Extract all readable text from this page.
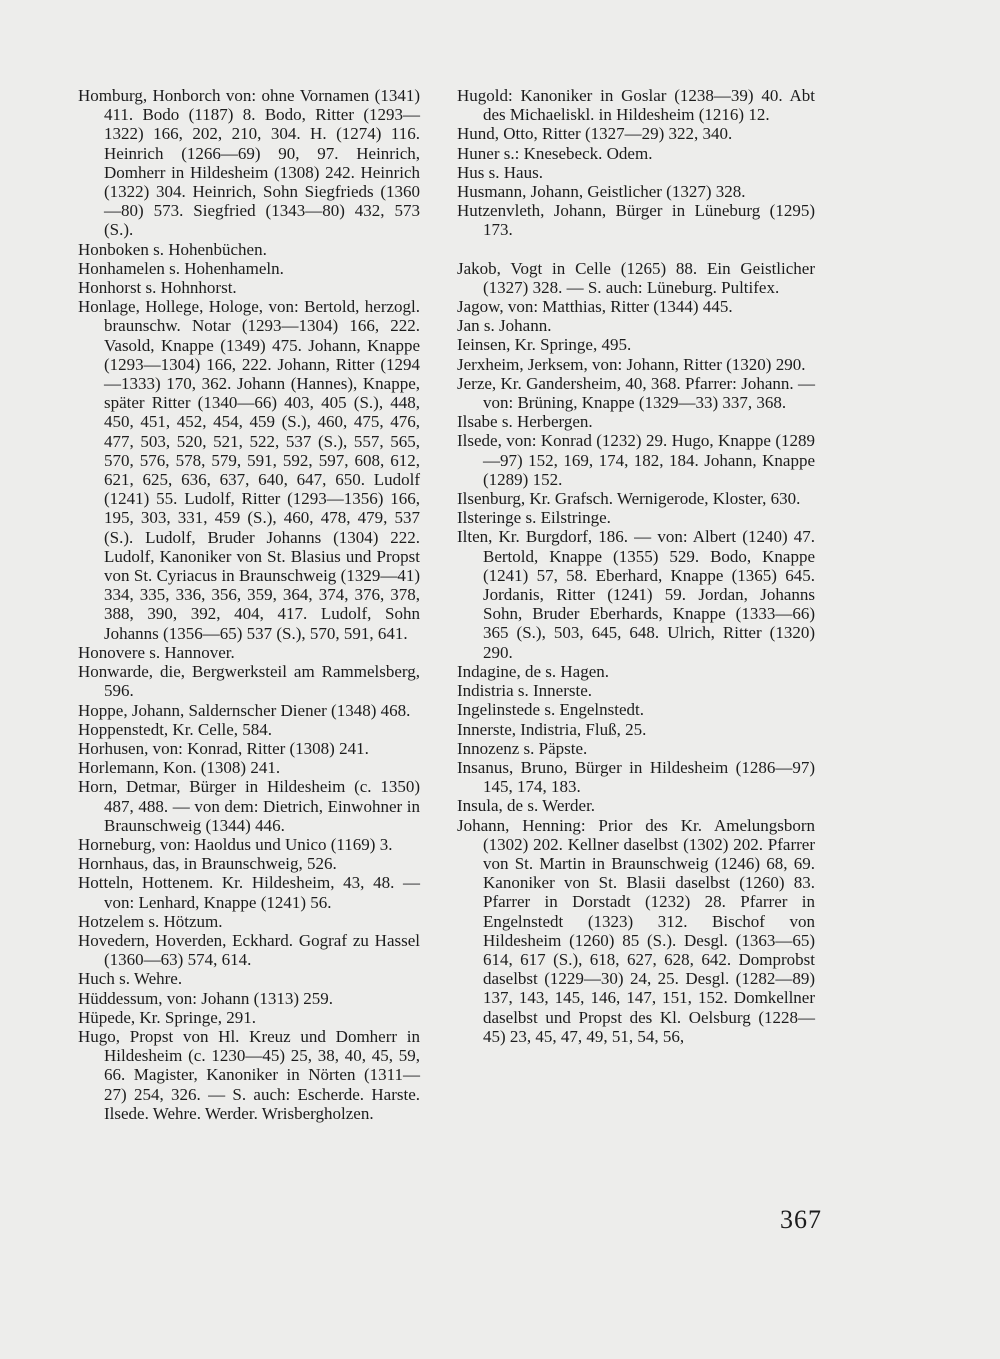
Homburg, Honborch von: ohne Vornamen (1341) 411. Bodo (1187) 8. Bodo, Ritter (1293—1322) 166, 202, 210, 304. H. (1274) 116. Heinrich (1266—69) 90, 97. Heinrich, Domherr in Hildesheim (1308) 242. Heinrich (1322) 304. Heinrich, Sohn Siegfrieds (1360—80) 573. Siegfried (1343—80) 432, 573 (S.).

Honboken s. Hohenbüchen.

Honhamelen s. Hohenhameln.

Honhorst s. Hohnhorst.

Honlage, Hollege, Hologe, von: Bertold, herzogl. braunschw. Notar (1293—1304) 166, 222. Vasold, Knappe (1349) 475. Johann, Knappe (1293—1304) 166, 222. Johann, Ritter (1294—1333) 170, 362. Johann (Hannes), Knappe, später Ritter (1340—66) 403, 405 (S.), 448, 450, 451, 452, 454, 459 (S.), 460, 475, 476, 477, 503, 520, 521, 522, 537 (S.), 557, 565, 570, 576, 578, 579, 591, 592, 597, 608, 612, 621, 625, 636, 637, 640, 647, 650. Ludolf (1241) 55. Ludolf, Ritter (1293—1356) 166, 195, 303, 331, 459 (S.), 460, 478, 479, 537 (S.). Ludolf, Bruder Johanns (1304) 222. Ludolf, Kanoniker von St. Blasius und Propst von St. Cyriacus in Braunschweig (1329—41) 334, 335, 336, 356, 359, 364, 374, 376, 378, 388, 390, 392, 404, 417. Ludolf, Sohn Johanns (1356—65) 537 (S.), 570, 591, 641.

Honovere s. Hannover.

Honwarde, die, Bergwerksteil am Rammelsberg, 596.

Hoppe, Johann, Saldernscher Diener (1348) 468.

Hoppenstedt, Kr. Celle, 584.

Horhusen, von: Konrad, Ritter (1308) 241.

Horlemann, Kon. (1308) 241.

Horn, Detmar, Bürger in Hildesheim (c. 1350) 487, 488. — von dem: Dietrich, Einwohner in Braunschweig (1344) 446.

Horneburg, von: Haoldus und Unico (1169) 3.

Hornhaus, das, in Braunschweig, 526.

Hotteln, Hottenem. Kr. Hildesheim, 43, 48. — von: Lenhard, Knappe (1241) 56.

Hotzelem s. Hötzum.

Hovedern, Hoverden, Eckhard. Gograf zu Hassel (1360—63) 574, 614.

Huch s. Wehre.

Hüddessum, von: Johann (1313) 259.

Hüpede, Kr. Springe, 291.

Hugo, Propst von Hl. Kreuz und Domherr in Hildesheim (c. 1230—45) 25, 38, 40, 45, 59, 66. Magister, Kanoniker in Nörten (1311—27) 254, 326. — S. auch: Escherde. Harste. Ilsede. Wehre. Werder. Wrisbergholzen.

Hugold: Kanoniker in Goslar (1238—39) 40. Abt des Michaeliskl. in Hildesheim (1216) 12.

Hund, Otto, Ritter (1327—29) 322, 340.

Huner s.: Knesebeck. Odem.

Hus s. Haus.

Husmann, Johann, Geistlicher (1327) 328.

Hutzenvleth, Johann, Bürger in Lüneburg (1295) 173.

Jakob, Vogt in Celle (1265) 88. Ein Geistlicher (1327) 328. — S. auch: Lüneburg. Pultifex.

Jagow, von: Matthias, Ritter (1344) 445.

Jan s. Johann.

Ieinsen, Kr. Springe, 495.

Jerxheim, Jerksem, von: Johann, Ritter (1320) 290.

Jerze, Kr. Gandersheim, 40, 368. Pfarrer: Johann. — von: Brüning, Knappe (1329—33) 337, 368.

Ilsabe s. Herbergen.

Ilsede, von: Konrad (1232) 29. Hugo, Knappe (1289—97) 152, 169, 174, 182, 184. Johann, Knappe (1289) 152.

Ilsenburg, Kr. Grafsch. Wernigerode, Kloster, 630.

Ilsteringe s. Eilstringe.

Ilten, Kr. Burgdorf, 186. — von: Albert (1240) 47. Bertold, Knappe (1355) 529. Bodo, Knappe (1241) 57, 58. Eberhard, Knappe (1365) 645. Jordanis, Ritter (1241) 59. Jordan, Johanns Sohn, Bruder Eberhards, Knappe (1333—66) 365 (S.), 503, 645, 648. Ulrich, Ritter (1320) 290.

Indagine, de s. Hagen.

Indistria s. Innerste.

Ingelinstede s. Engelnstedt.

Innerste, Indistria, Fluß, 25.

Innozenz s. Päpste.

Insanus, Bruno, Bürger in Hildesheim (1286—97) 145, 174, 183.

Insula, de s. Werder.

Johann, Henning: Prior des Kr. Amelungsborn (1302) 202. Kellner daselbst (1302) 202. Pfarrer von St. Martin in Braunschweig (1246) 68, 69. Kanoniker von St. Blasii daselbst (1260) 83. Pfarrer in Dorstadt (1232) 28. Pfarrer in Engelnstedt (1323) 312. Bischof von Hildesheim (1260) 85 (S.). Desgl. (1363—65) 614, 617 (S.), 618, 627, 628, 642. Domprobst daselbst (1229—30) 24, 25. Desgl. (1282—89) 137, 143, 145, 146, 147, 151, 152. Domkellner daselbst und Propst des Kl. Oelsburg (1228—45) 23, 45, 47, 49, 51, 54, 56,

367
